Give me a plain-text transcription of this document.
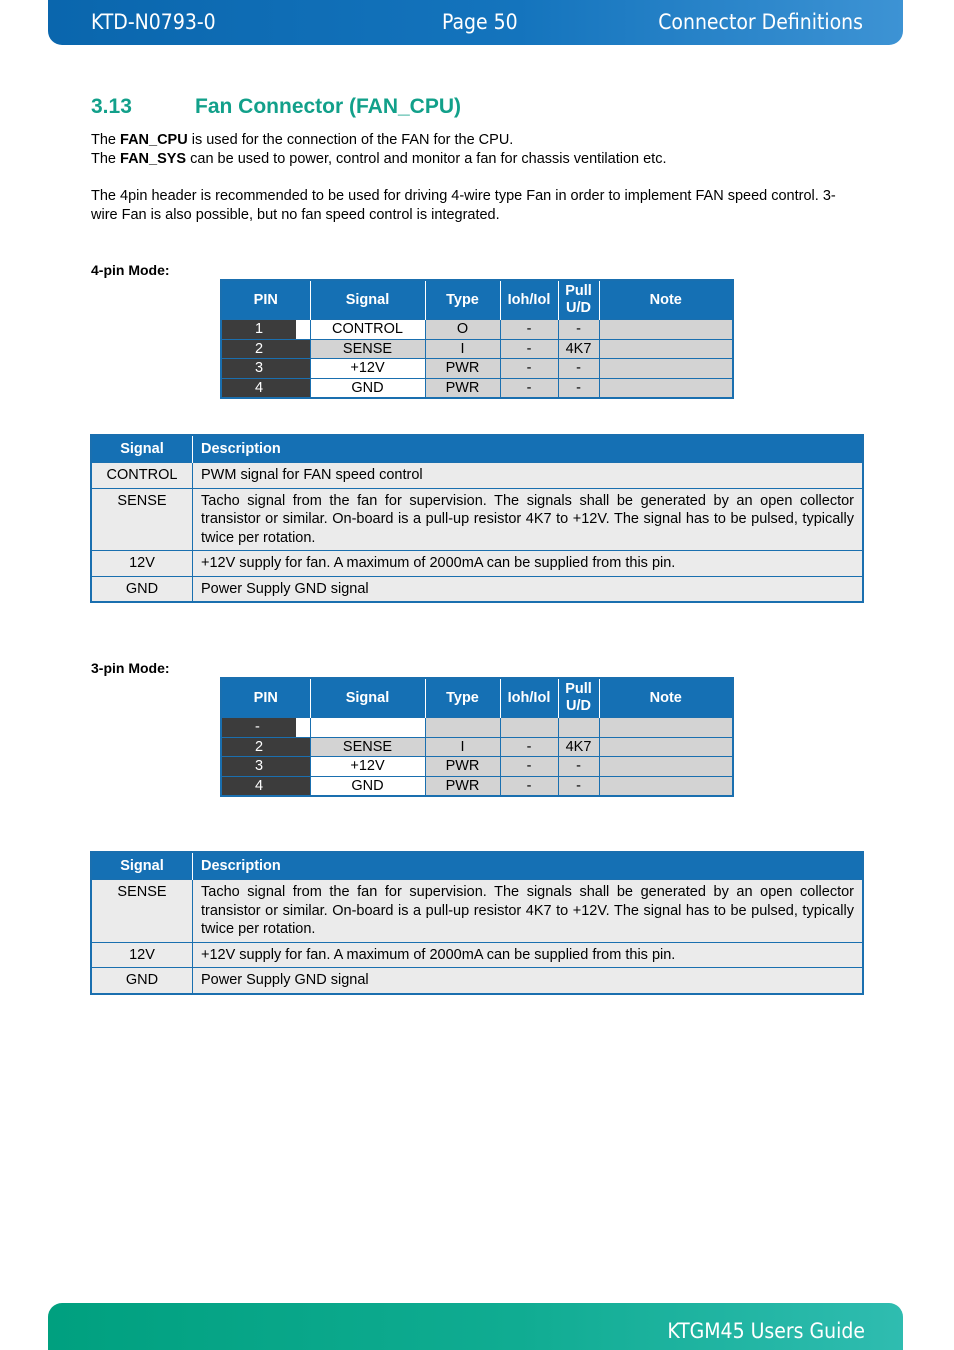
KTD-N0793-0	Page 50	Connector Definitions
3.13	Fan Connector (FAN_CPU)
The FAN_CPU is used for the connection of the FAN for the CPU.
The FAN_SYS can be used to power, control and monitor a fan for chassis ventilation etc.
The 4pin header is recommended to be used for driving 4-wire type Fan in order to implement FAN speed control. 3-wire Fan is also possible, but no fan speed control is integrated.
4-pin Mode:
PIN	Signal	Type	Ioh/Iol	Pull U/D	Note
1	CONTROL	O	-	-	
2	SENSE	I	-	4K7	
3	+12V	PWR	-	-	
4	GND	PWR	-	-	
Signal	Description
CONTROL	PWM signal for FAN speed control
SENSE	Tacho signal from the fan for supervision. The signals shall be generated by an open collector transistor or similar. On-board is a pull-up resistor 4K7 to +12V. The signal has to be pulsed, typically twice per rotation.
12V	+12V supply for fan. A maximum of 2000mA can be supplied from this pin.
GND	Power Supply GND signal
3-pin Mode:
PIN	Signal	Type	Ioh/Iol	Pull U/D	Note
-					
2	SENSE	I	-	4K7	
3	+12V	PWR	-	-	
4	GND	PWR	-	-	
Signal	Description
SENSE	Tacho signal from the fan for supervision. The signals shall be generated by an open collector transistor or similar. On-board is a pull-up resistor 4K7 to +12V. The signal has to be pulsed, typically twice per rotation.
12V	+12V supply for fan. A maximum of 2000mA can be supplied from this pin.
GND	Power Supply GND signal
KTGM45 Users Guide
